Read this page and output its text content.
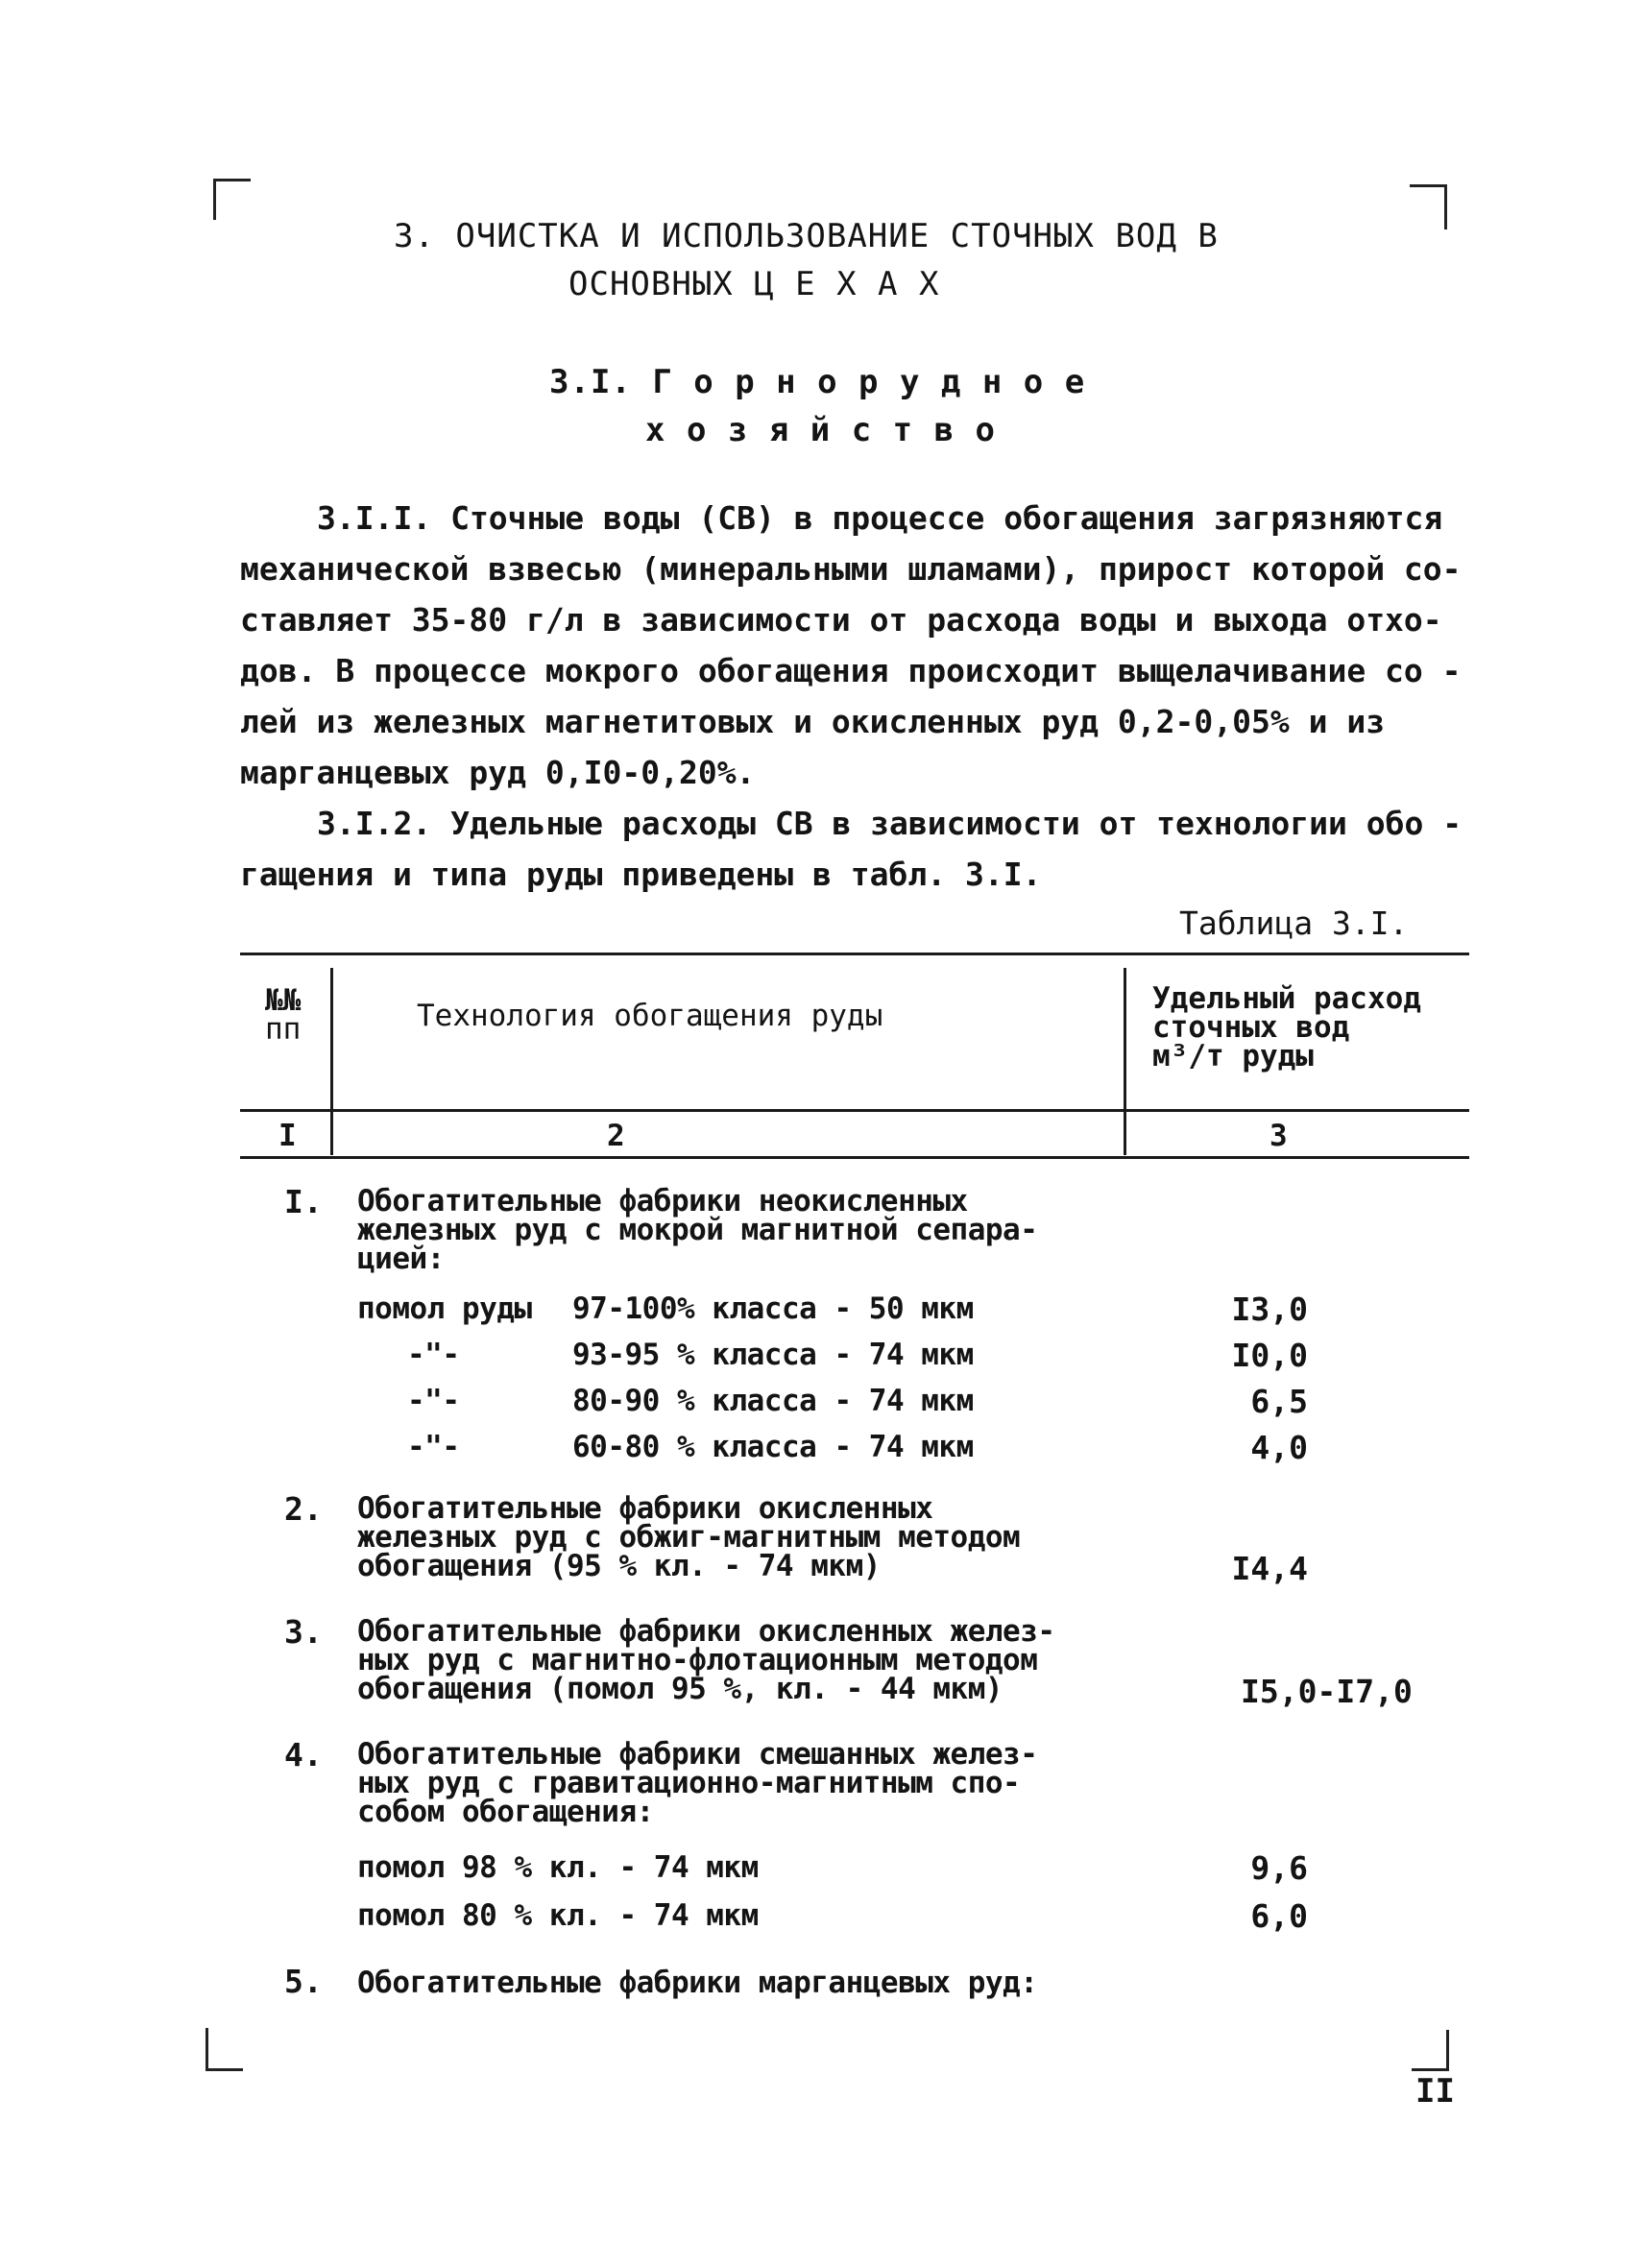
3. ОЧИСТКА И ИСПОЛЬЗОВАНИЕ СТОЧНЫХ ВОД В
ОСНОВНЫХ Ц Е Х А Х
3.I. Г о р н о р у д н о е
х о з я й с т в о
3.I.I. Сточные воды (СВ) в процессе обогащения загрязняются
механической взвесью (минеральными шламами), прирост которой со-
ставляет 35-80 г/л в зависимости от расхода воды и выхода отхо-
дов. В процессе мокрого обогащения происходит выщелачивание со -
лей из железных магнетитовых и окисленных руд 0,2-0,05% и из
марганцевых руд 0,I0-0,20%.
3.I.2. Удельные расходы СВ в зависимости от технологии обо -
гащения и типа руды приведены в табл. 3.I.
Таблица 3.I.
№№
пп	Технология обогащения руды	Удельный расход
сточных вод
м³/т руды
I	2	3
I. Обогатительные фабрики неокисленных
железных руд с мокрой магнитной сепара-
цией:
помол руды 97-100% класса - 50 мкм	I3,0
-"-	93-95 % класса - 74 мкм	I0,0
-"-	80-90 % класса - 74 мкм	6,5
-"-	60-80 % класса - 74 мкм	4,0
2. Обогатительные фабрики окисленных
железных руд с обжиг-магнитным методом
обогащения (95 % кл. - 74 мкм)	I4,4
3. Обогатительные фабрики окисленных желез-
ных руд с магнитно-флотационным методом
обогащения (помол 95 %, кл. - 44 мкм)	I5,0-I7,0
4. Обогатительные фабрики смешанных желез-
ных руд с гравитационно-магнитным спо-
собом обогащения:
помол 98 % кл. - 74 мкм	9,6
помол 80 % кл. - 74 мкм	6,0
5. Обогатительные фабрики марганцевых руд:
II
